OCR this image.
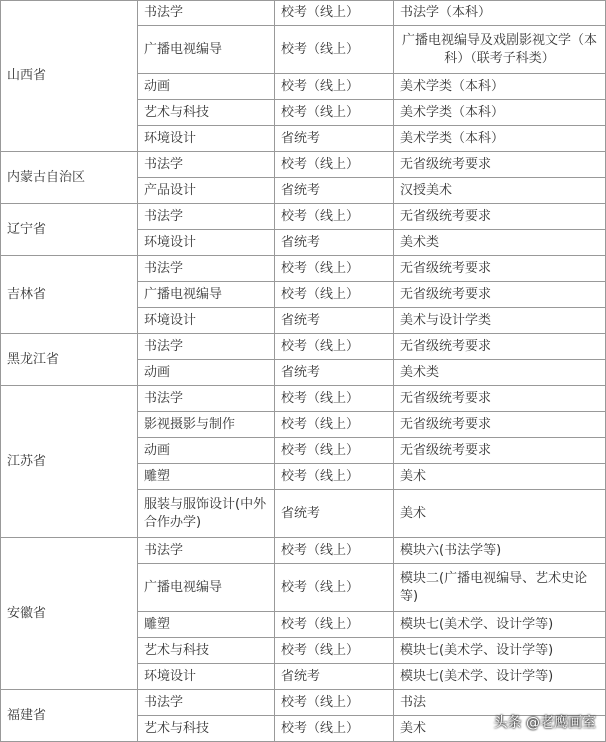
山西省	书法学	校考（线上）	书法学（本科）
	广播电视编导	校考（线上）	广播电视编导及戏剧影视文学（本科）（联考子科类）
	动画	校考（线上）	美术学类（本科）
	艺术与科技	校考（线上）	美术学类（本科）
	环境设计	省统考	美术学类（本科）
内蒙古自治区	书法学	校考（线上）	无省级统考要求
	产品设计	省统考	汉授美术
辽宁省	书法学	校考（线上）	无省级统考要求
	环境设计	省统考	美术类
吉林省	书法学	校考（线上）	无省级统考要求
	广播电视编导	校考（线上）	无省级统考要求
	环境设计	省统考	美术与设计学类
黑龙江省	书法学	校考（线上）	无省级统考要求
	动画	省统考	美术类
江苏省	书法学	校考（线上）	无省级统考要求
	影视摄影与制作	校考（线上）	无省级统考要求
	动画	校考（线上）	无省级统考要求
	雕塑	校考（线上）	美术
	服装与服饰设计(中外合作办学)	省统考	美术
安徽省	书法学	校考（线上）	模块六(书法学等)
	广播电视编导	校考（线上）	模块二(广播电视编导、艺术史论等)
	雕塑	校考（线上）	模块七(美术学、设计学等)
	艺术与科技	校考（线上）	模块七(美术学、设计学等)
	环境设计	省统考	模块七(美术学、设计学等)
福建省	书法学	校考（线上）	书法
	艺术与科技	校考（线上）	美术	头条 @老鹰画室
